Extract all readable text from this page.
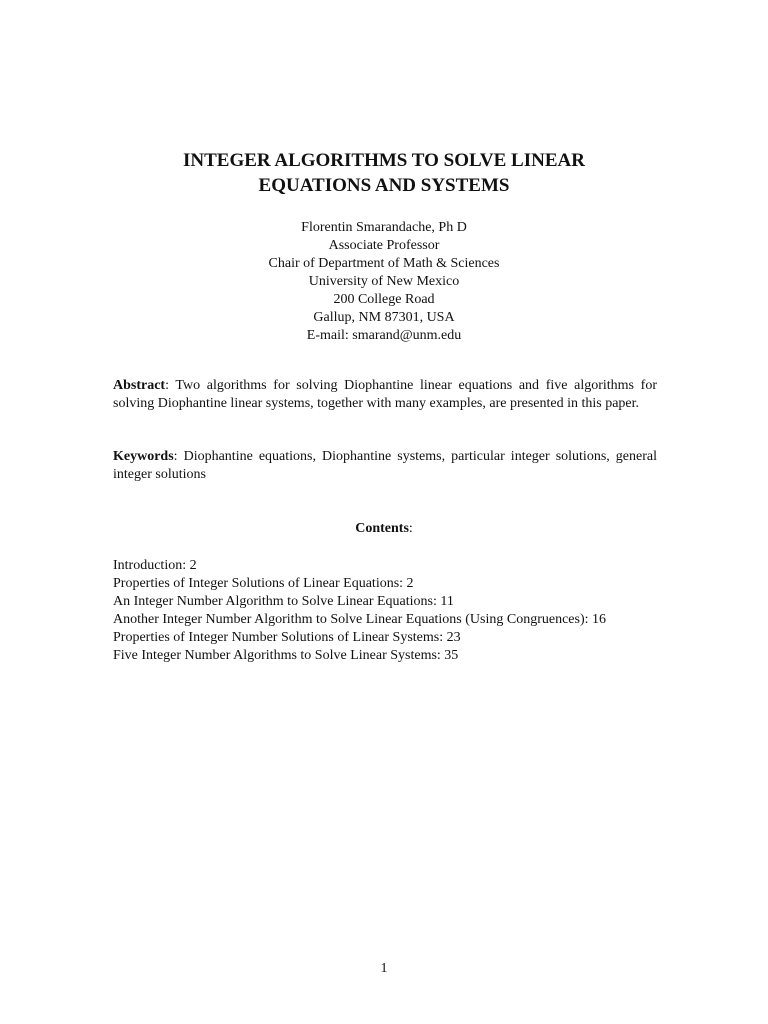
INTEGER ALGORITHMS TO SOLVE LINEAR
EQUATIONS AND SYSTEMS
Florentin Smarandache, Ph D
Associate Professor
Chair of Department of Math & Sciences
University of New Mexico
200 College Road
Gallup, NM 87301, USA
E-mail: smarand@unm.edu

Abstract: Two algorithms for solving Diophantine linear equations and five algorithms for solving Diophantine linear systems, together with many examples, are presented in this paper.

Keywords: Diophantine equations, Diophantine systems, particular integer solutions, general integer solutions

Contents:

Introduction: 2
Properties of Integer Solutions of Linear Equations: 2
An Integer Number Algorithm to Solve Linear Equations: 11
Another Integer Number Algorithm to Solve Linear Equations (Using Congruences): 16
Properties of Integer Number Solutions of Linear Systems: 23
Five Integer Number Algorithms to Solve Linear Systems: 35
1
